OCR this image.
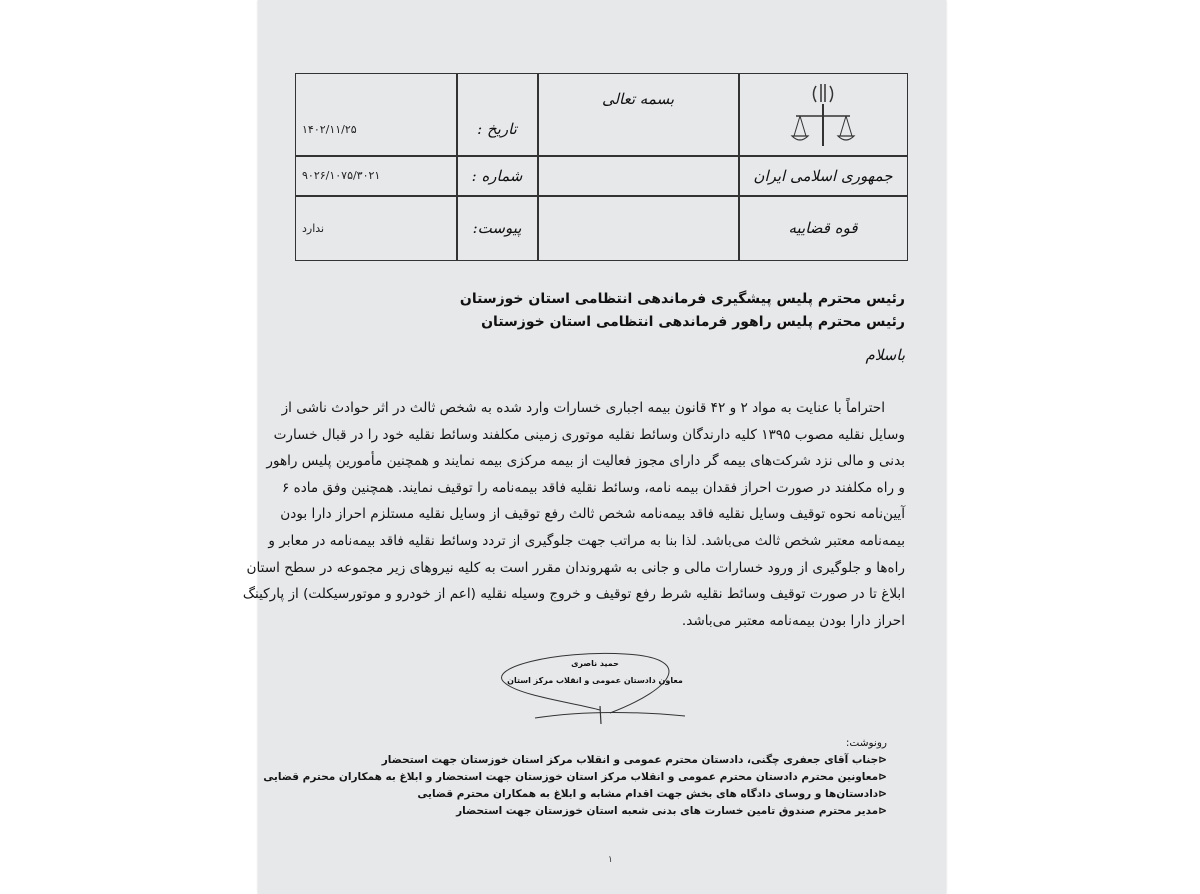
جمهوری اسلامی ایران
قوه قضاییه
بسمه تعالی
تاریخ :
شماره :
پیوست:
۱۴۰۲/۱۱/۲۵
۹۰۲۶/۱۰۷۵/۳۰۲۱
ندارد
رئیس محترم پلیس پیشگیری فرماندهی انتظامی استان خوزستان
رئیس محترم پلیس راهور فرماندهی انتظامی استان خوزستان
باسلام
احتراماً با عنایت به مواد ۲ و ۴۲ قانون بیمه اجباری خسارات وارد شده به شخص ثالث در اثر حوادث ناشی از
وسایل نقلیه مصوب ۱۳۹۵ کلیه دارندگان وسائط نقلیه موتوری زمینی مکلفند وسائط نقلیه خود را در قبال خسارت
بدنی و مالی نزد شرکت‌های بیمه گر دارای مجوز فعالیت از بیمه مرکزی بیمه نمایند و همچنین مأمورین پلیس راهور
و راه مکلفند در صورت احراز فقدان بیمه نامه، وسائط نقلیه فاقد بیمه‌نامه را توقیف نمایند. همچنین وفق ماده ۶
آیین‌نامه نحوه توقیف وسایل نقلیه فاقد بیمه‌نامه شخص ثالث رفع توقیف از وسایل نقلیه مستلزم احراز دارا بودن
بیمه‌نامه معتبر شخص ثالث می‌باشد. لذا بنا به مراتب جهت جلوگیری از تردد وسائط نقلیه فاقد بیمه‌نامه در معابر و
راه‌ها و جلوگیری از ورود خسارات مالی و جانی به شهروندان مقرر است به کلیه نیروهای زیر مجموعه در سطح استان
ابلاغ تا در صورت توقیف وسائط نقلیه شرط رفع توقیف و خروج وسیله نقلیه (اعم از خودرو و موتورسیکلت) از پارکینگ
احراز دارا بودن بیمه‌نامه معتبر می‌باشد.
حمید ناصری
معاون دادستان عمومی و انقلاب مرکز استان
رونوشت:
⊲جناب آقای جعفری چگنی، دادستان محترم عمومی و انقلاب مرکز استان خوزستان جهت استحضار
⊲معاونین محترم دادستان محترم عمومی و انقلاب مرکز استان خوزستان جهت استحضار و ابلاغ به همکاران محترم قضایی
⊲دادستان‌ها و روسای دادگاه های بخش جهت اقدام مشابه و ابلاغ به همکاران محترم قضایی
⊲مدیر محترم صندوق تامین خسارت های بدنی شعبه استان خوزستان جهت استحضار
۱
